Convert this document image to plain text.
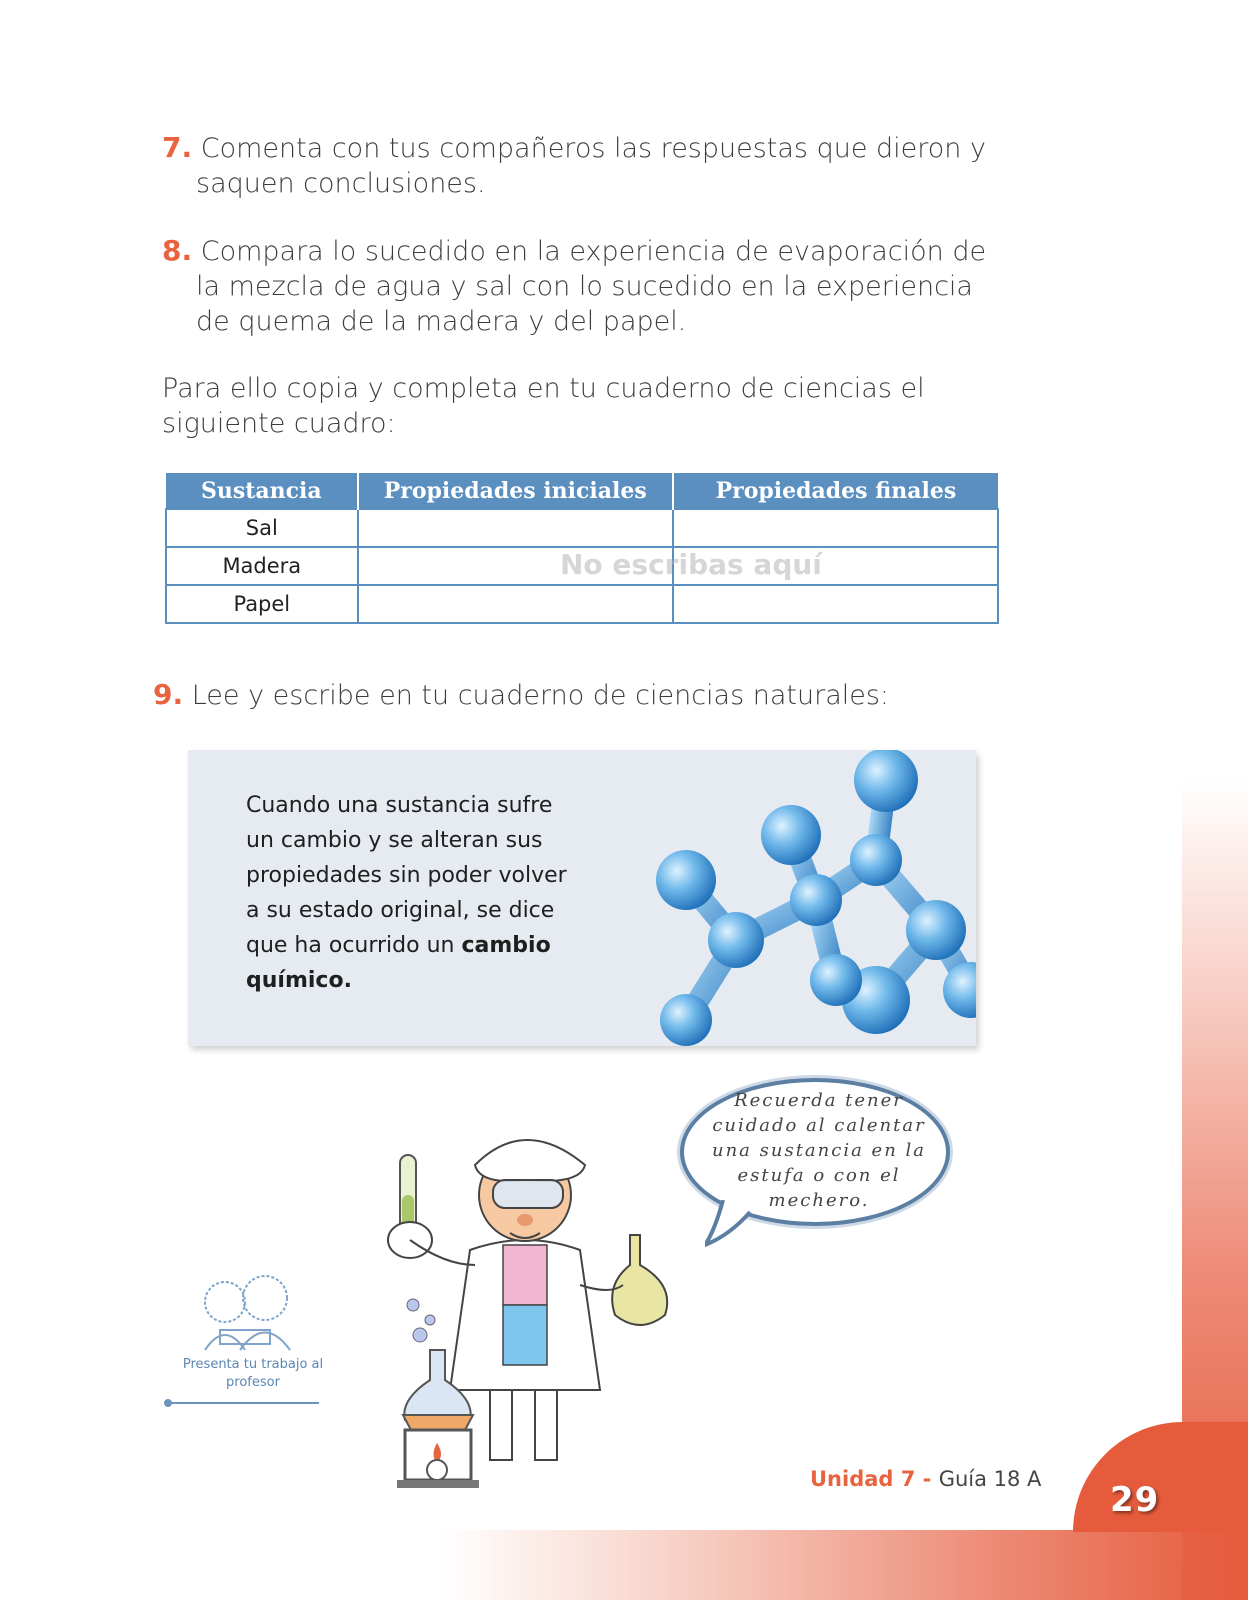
29
7. Comenta con tus compañeros las respuestas que dieron y saquen conclusiones.
8. Compara lo sucedido en la experiencia de evaporación de la mezcla de agua y sal con lo sucedido en la experiencia de quema de la madera y del papel.
Para ello copia y completa en tu cuaderno de ciencias el siguiente cuadro:
Sustancia	Propiedades iniciales	Propiedades finales
Sal		
Madera		
Papel		
No escribas aquí
9. Lee y escribe en tu cuaderno de ciencias naturales:
Cuando una sustancia sufre un cambio y se alteran sus propiedades sin poder volver a su estado original, se dice que ha ocurrido un cambio químico.
Recuerda tener cuidado al calentar una sustancia en la estufa o con el mechero.
Presenta tu trabajo al profesor
Unidad 7 - Guía 18 A
